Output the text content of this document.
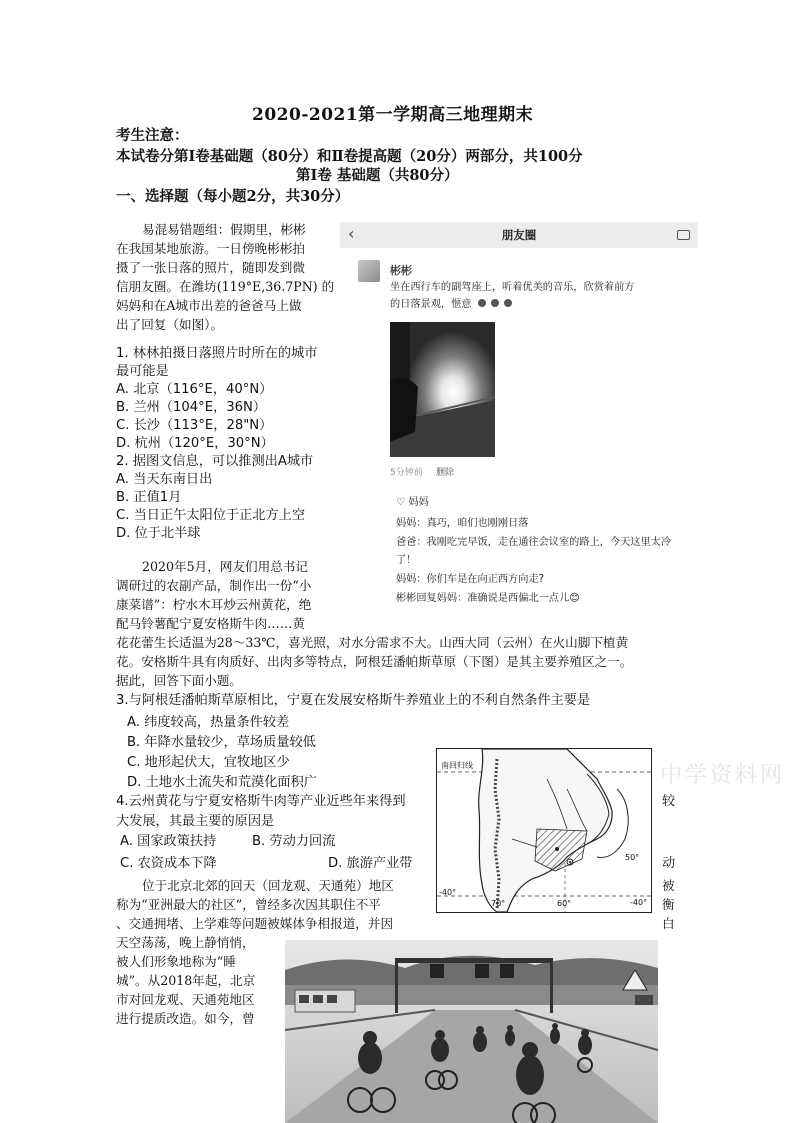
2020-2021第一学期高三地理期末
考生注意：
本试卷分第Ⅰ卷基础题（80分）和Ⅱ卷提高题（20分）两部分，共100分
第Ⅰ卷 基础题（共80分）
一、选择题（每小题2分，共30分）
易混易错题组：假期里，彬彬
在我国某地旅游。一日傍晚彬彬拍
摄了一张日落的照片，随即发到微
信朋友圈。在潍坊(119°E,36.7PN) 的
妈妈和在A城市出差的爸爸马上做
出了回复（如图）。
1. 林林拍摄日落照片时所在的城市
最可能是
A. 北京（116°E，40°N）
B. 兰州（104°E，36N）
C. 长沙（113°E，28"N）
D. 杭州（120°E，30°N）
2. 据图文信息，可以推测出A城市
A. 当天东南日出
B. 正值1月
C. 当日正午太阳位于正北方上空
D. 位于北半球
‹	朋友圈
彬彬
坐在西行车的副驾座上，听着优美的音乐，欣赏着前方
的日落景观，惬意
5分钟前 删除
♡ 妈妈
妈妈：真巧，咱们也刚刚日落
爸爸：我刚吃完早饭，走在通往会议室的路上，今天这里太冷
了！
妈妈：你们车是在向正西方向走?
彬彬回复妈妈：准确说是西偏北一点儿😊
2020年5月，网友们用总书记
调研过的农副产品，制作出一份“小
康菜谱”：柠水木耳炒云州黄花，绝
配马铃薯配宁夏安格斯牛肉……黄
花花蕾生长适温为28～33℃，喜光照，对水分需求不大。山西大同（云州）在火山脚下植黄
花。安格斯牛具有肉质好、出肉多等特点，阿根廷潘帕斯草原（下图）是其主要养殖区之一。
据此，回答下面小题。
3.与阿根廷潘帕斯草原相比，宁夏在发展安格斯牛养殖业上的不利自然条件主要是
A. 纬度较高，热量条件较差
B. 年降水量较少，草场质量较低
C. 地形起伏大，宜牧地区少
D. 土地水土流失和荒漠化面积广
南回归线
70°
50°
-40°
-40°
60°
中学资料网
4.云州黄花与宁夏安格斯牛肉等产业近些年来得到	较
大发展，其最主要的原因是
A. 国家政策扶持	B. 劳动力回流
C. 农资成本下降	D. 旅游产业带	动
位于北京北郊的回天（回龙观、天通苑）地区	被
称为“亚洲最大的社区”，曾经多次因其职住不平	衡
、交通拥堵、上学难等问题被媒体争相报道，并因	白
天空荡荡，晚上静悄悄，
被人们形象地称为“睡
城”。从2018年起，北京
市对回龙观、天通苑地区
进行提质改造。如今，曾
